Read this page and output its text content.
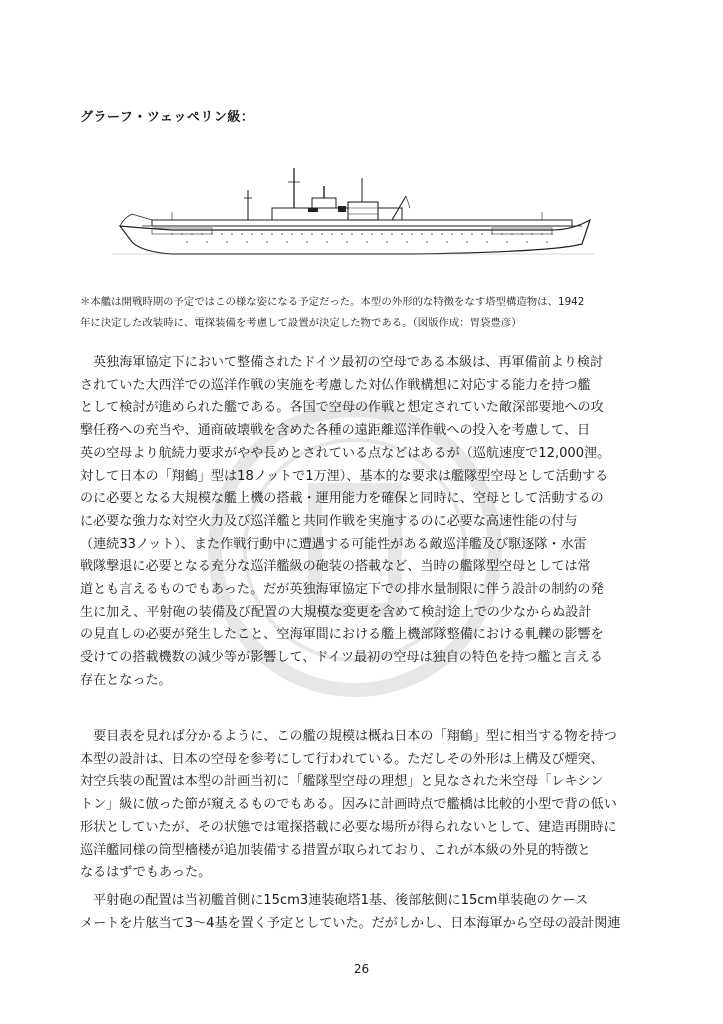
グラーフ・ツェッペリン級：
＊本艦は開戦時期の予定ではこの様な姿になる予定だった。本型の外形的な特徴をなす塔型構造物は、1942
年に決定した改装時に、電探装備を考慮して設置が決定した物である。（図版作成：胃袋豊彦）
　英独海軍協定下において整備されたドイツ最初の空母である本級は、再軍備前より検討
されていた大西洋での巡洋作戦の実施を考慮した対仏作戦構想に対応する能力を持つ艦
として検討が進められた艦である。各国で空母の作戦と想定されていた敵深部要地への攻
撃任務への充当や、通商破壊戦を含めた各種の遠距離巡洋作戦への投入を考慮して、日
英の空母より航続力要求がやや長めとされている点などはあるが（巡航速度で12,000浬。
対して日本の「翔鶴」型は18ノットで1万浬）、基本的な要求は艦隊型空母として活動する
のに必要となる大規模な艦上機の搭載・運用能力を確保と同時に、空母として活動するの
に必要な強力な対空火力及び巡洋艦と共同作戦を実施するのに必要な高速性能の付与
（連続33ノット）、また作戦行動中に遭遇する可能性がある敵巡洋艦及び駆逐隊・水雷
戦隊撃退に必要となる充分な巡洋艦級の砲装の搭載など、当時の艦隊型空母としては常
道とも言えるものでもあった。だが英独海軍協定下での排水量制限に伴う設計の制約の発
生に加え、平射砲の装備及び配置の大規模な変更を含めて検討途上での少なからぬ設計
の見直しの必要が発生したこと、空海軍間における艦上機部隊整備における軋轢の影響を
受けての搭載機数の減少等が影響して、ドイツ最初の空母は独自の特色を持つ艦と言える
存在となった。
　要目表を見れば分かるように、この艦の規模は概ね日本の「翔鶴」型に相当する物を持つ
本型の設計は、日本の空母を参考にして行われている。ただしその外形は上構及び煙突、
対空兵装の配置は本型の計画当初に「艦隊型空母の理想」と見なされた米空母「レキシン
トン」級に倣った節が窺えるものでもある。因みに計画時点で艦橋は比較的小型で背の低い
形状としていたが、その状態では電探搭載に必要な場所が得られないとして、建造再開時に
巡洋艦同様の筒型檣楼が追加装備する措置が取られており、これが本級の外見的特徴と
なるはずでもあった。
　平射砲の配置は当初艦首側に15cm3連装砲塔1基、後部舷側に15cm単装砲のケース
メートを片舷当て3～4基を置く予定としていた。だがしかし、日本海軍から空母の設計関連
26
